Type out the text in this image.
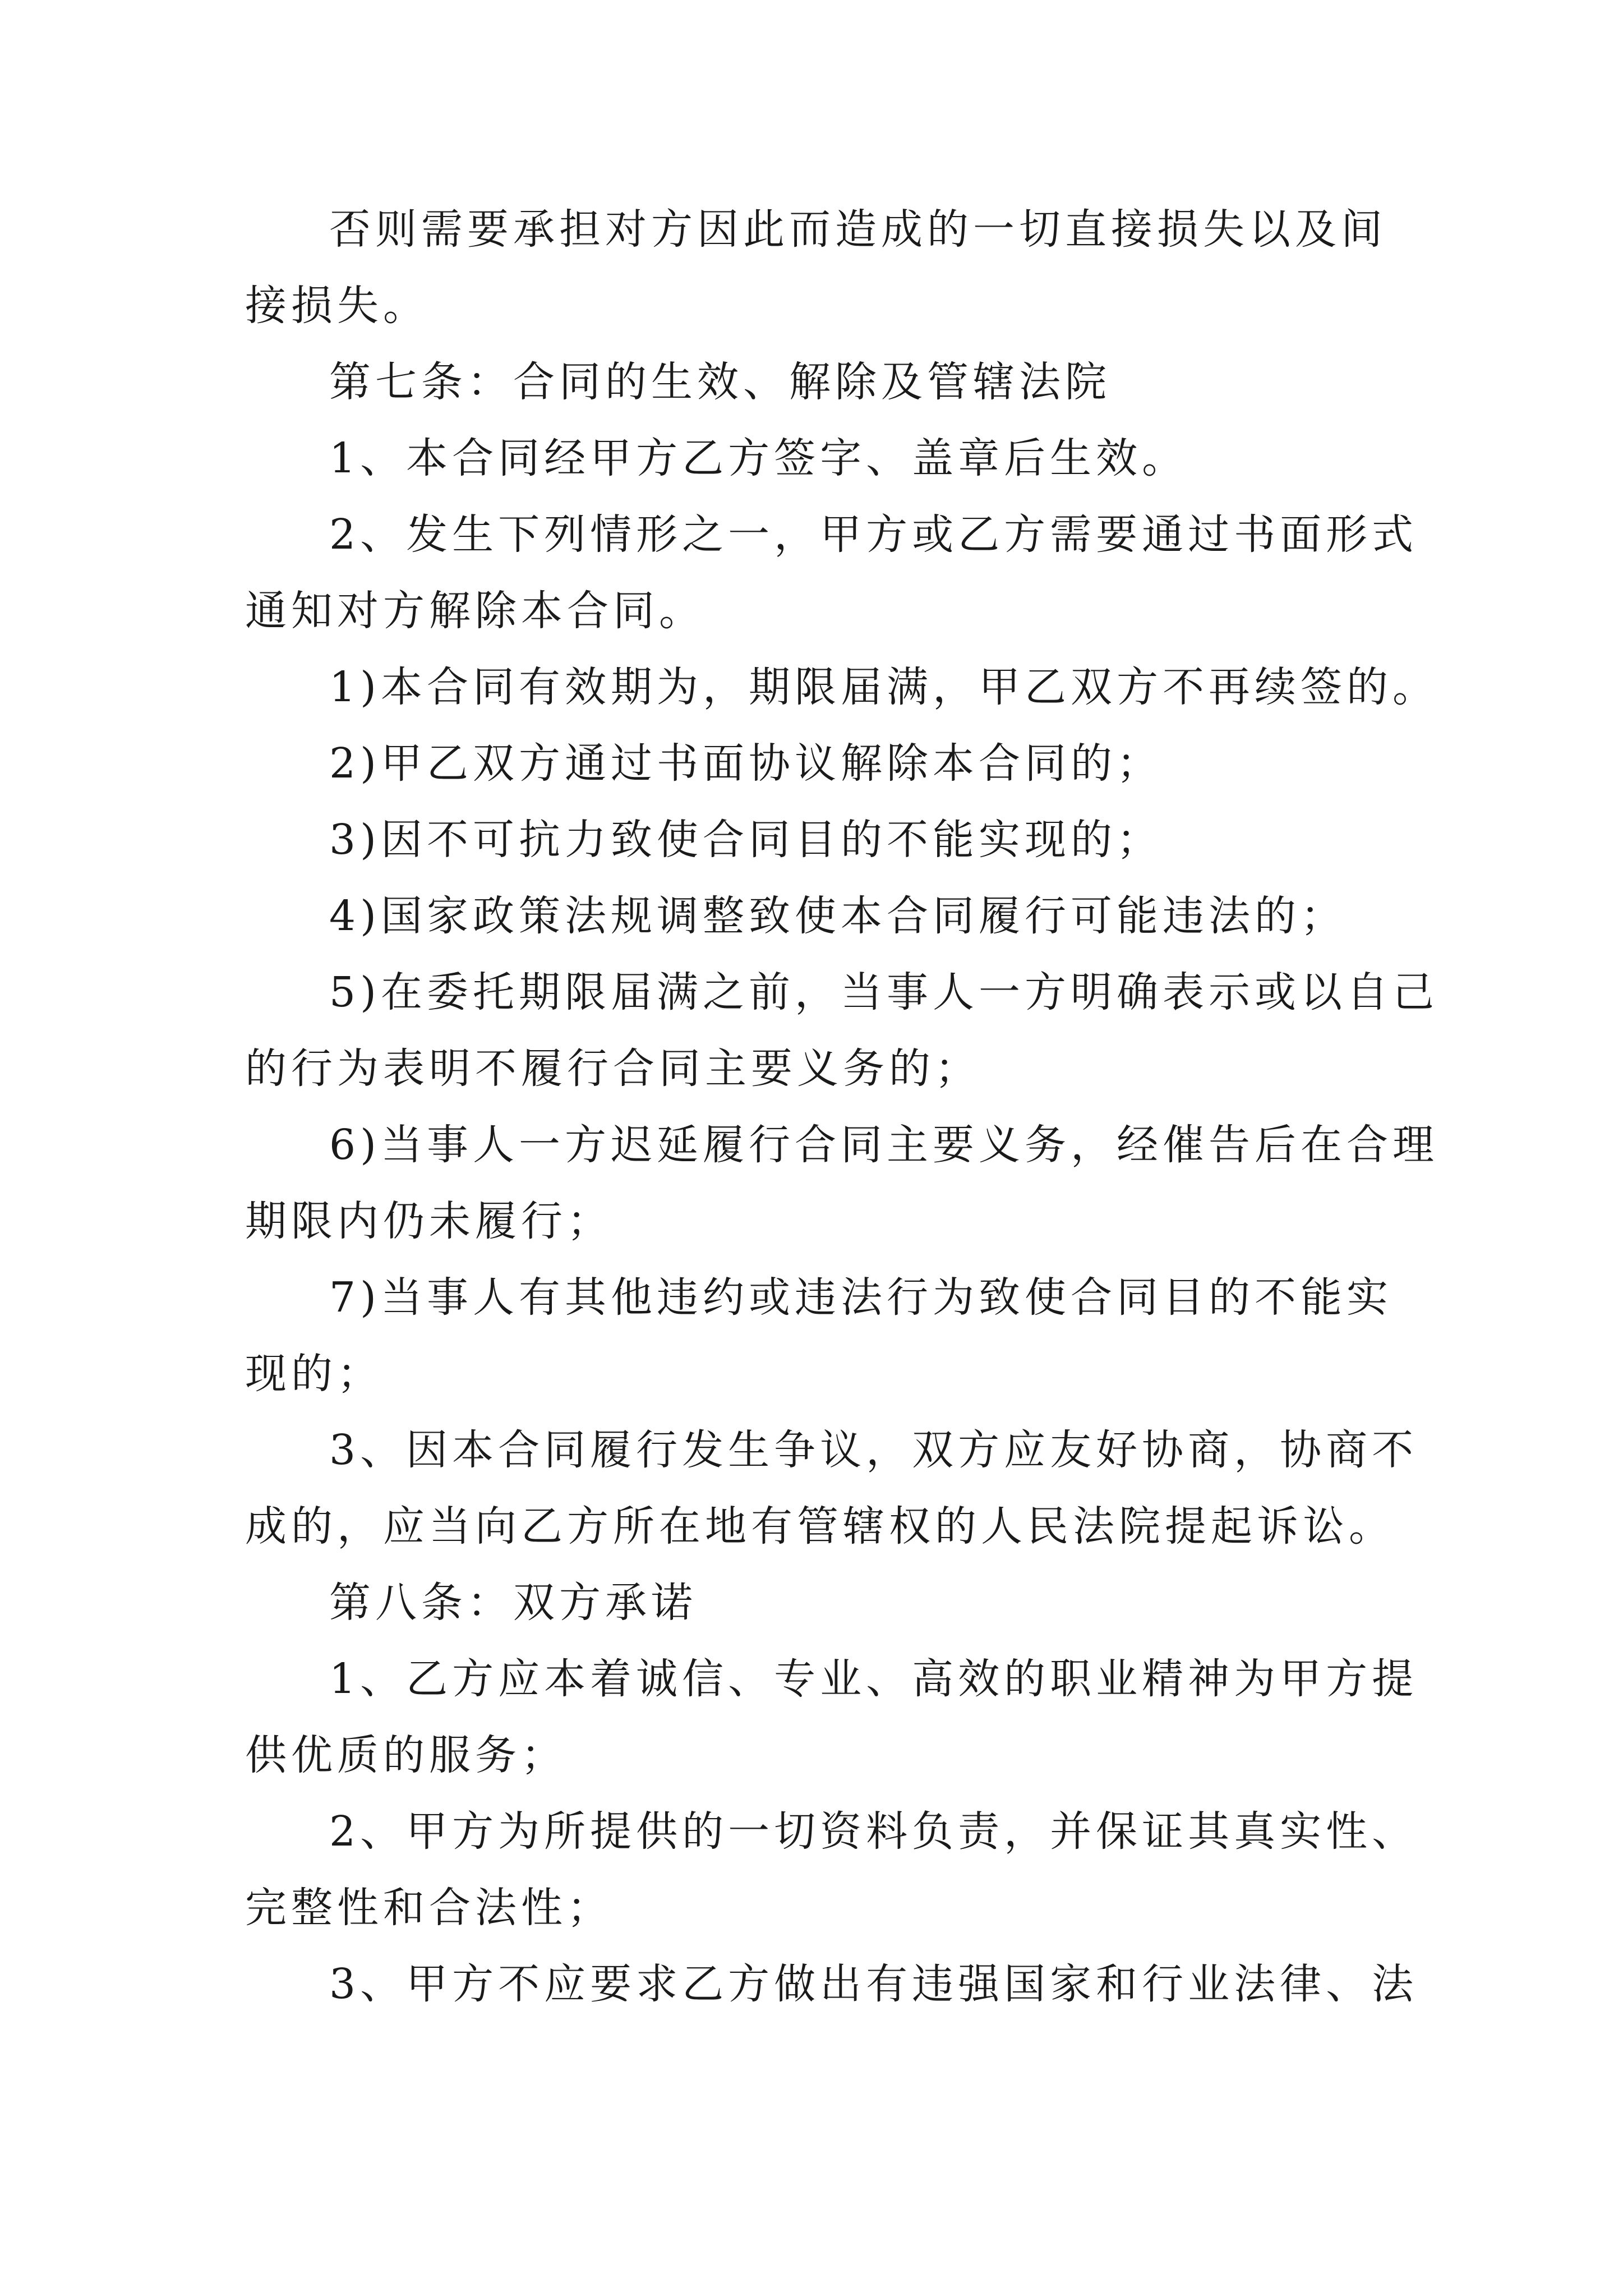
否则需要承担对方因此而造成的一切直接损失以及间
接损失。
第七条：合同的生效、解除及管辖法院
1、本合同经甲方乙方签字、盖章后生效。
2、发生下列情形之一，甲方或乙方需要通过书面形式
通知对方解除本合同。
1)本合同有效期为，期限届满，甲乙双方不再续签的。
2)甲乙双方通过书面协议解除本合同的；
3)因不可抗力致使合同目的不能实现的；
4)国家政策法规调整致使本合同履行可能违法的；
5)在委托期限届满之前，当事人一方明确表示或以自己
的行为表明不履行合同主要义务的；
6)当事人一方迟延履行合同主要义务，经催告后在合理
期限内仍未履行；
7)当事人有其他违约或违法行为致使合同目的不能实
现的；
3、因本合同履行发生争议，双方应友好协商，协商不
成的，应当向乙方所在地有管辖权的人民法院提起诉讼。
第八条：双方承诺
1、乙方应本着诚信、专业、高效的职业精神为甲方提
供优质的服务；
2、甲方为所提供的一切资料负责，并保证其真实性、
完整性和合法性；
3、甲方不应要求乙方做出有违强国家和行业法律、法
